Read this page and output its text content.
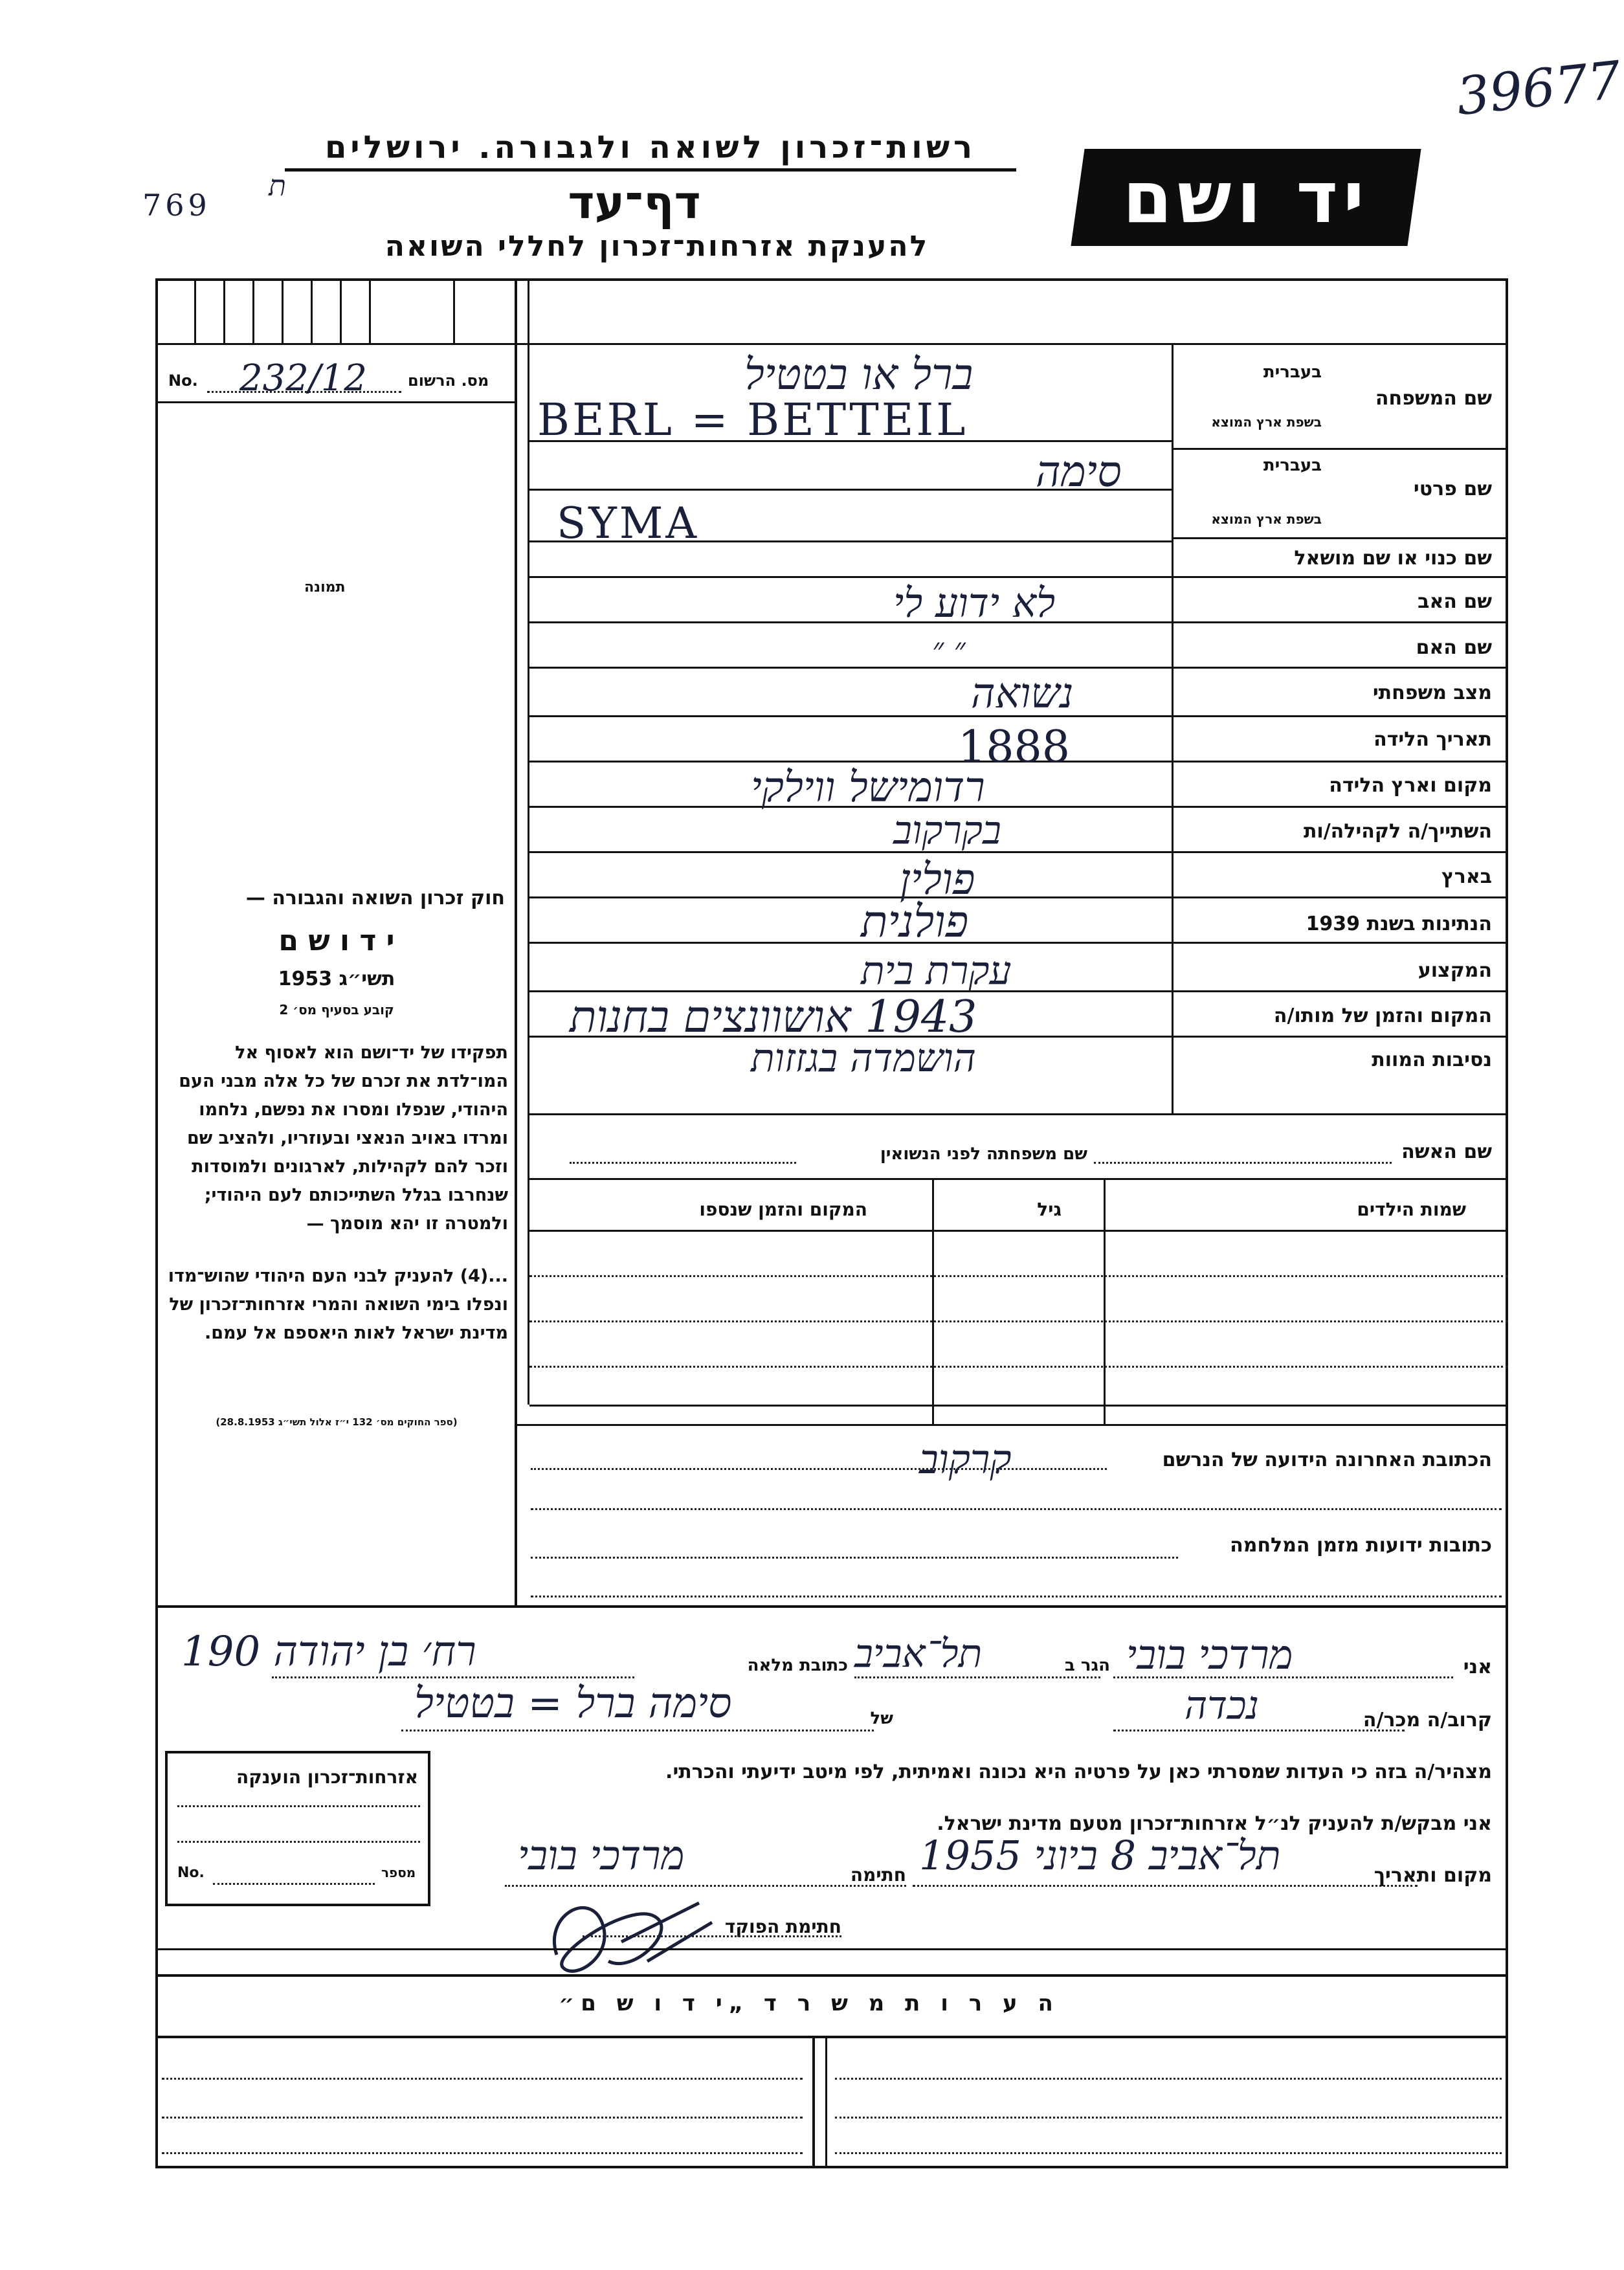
39677
רשות־זכרון לשואה ולגבורה. ירושלים
דף־עד
להענקת אזרחות־זכרון לחללי השואה
יד ושם
769
ת
No. 232/12	מס. הרשום
תמונה
חוק זכרון השואה והגבורה —
י ד ו ש ם
תשי״ג 1953
קובע בסעיף מס׳ 2
תפקידו של יד־ושם הוא לאסוף אל המו־לדת את זכרם של כל אלה מבני העם היהודי, שנפלו ומסרו את נפשם, נלחמו ומרדו באויב הנאצי ובעוזריו, ולהציב שם וזכר להם לקהילות, לארגונים ולמוסדות שנחרבו בגלל השתייכותם לעם היהודי; ולמטרה זו יהא מוסמך —
...(4) להעניק לבני העם היהודי שהוש־מדו ונפלו בימי השואה והמרי אזרחות־זכרון של מדינת ישראל לאות היאספם אל עמם.
(ספר החוקים מס׳ 132 י״ז אלול תשי״ג 28.8.1953)
שם המשפחה
בעברית
בשפת ארץ המוצא
ברל או בטטיל
BERL = BETTEIL
שם פרטי
בעברית
בשפת ארץ המוצא
סימה
SYMA
שם כנוי או שם מושאל
שם האב
לא ידוע לי
שם האם
״ ״
מצב משפחתי
נשואה
תאריך הלידה
1888
מקום וארץ הלידה
רדומישל ווילקי
השתייך/ה לקהילה/ות
בקרקוב
בארץ
פולין
הנתינות בשנת 1939
פולנית
המקצוע
עקרת בית
המקום והזמן של מותו/ה
1943 אושוונצים בחנות
נסיבות המוות
הושמדה בגזזות
שם האשה
שם משפחתה לפני הנשואין
שמות הילדים
גיל
המקום והזמן שנספו
הכתובת האחרונה הידועה של הנרשם
קרקוב
כתובות ידועות מזמן המלחמה
אני
מרדכי בובי
הגר ב
תל־אביב
כתובת מלאה
רח׳ בן יהודה 190
קרוב/ה מכר/ה
נכדה
של
סימה ברל = בטטיל
מצהיר/ה בזה כי העדות שמסרתי כאן על פרטיה היא נכונה ואמיתית, לפי מיטב ידיעתי והכרתי.
אני מבקש/ת להעניק לנ״ל אזרחות־זכרון מטעם מדינת ישראל.
מקום ותאריך
תל־אביב 8 ביוני 1955
חתימה
מרדכי בובי
חתימת הפוקד
אזרחות־זכרון הוענקה
No.	מספר
ה ע ר ו ת מ ש ר ד „י ד ו ש ם״
